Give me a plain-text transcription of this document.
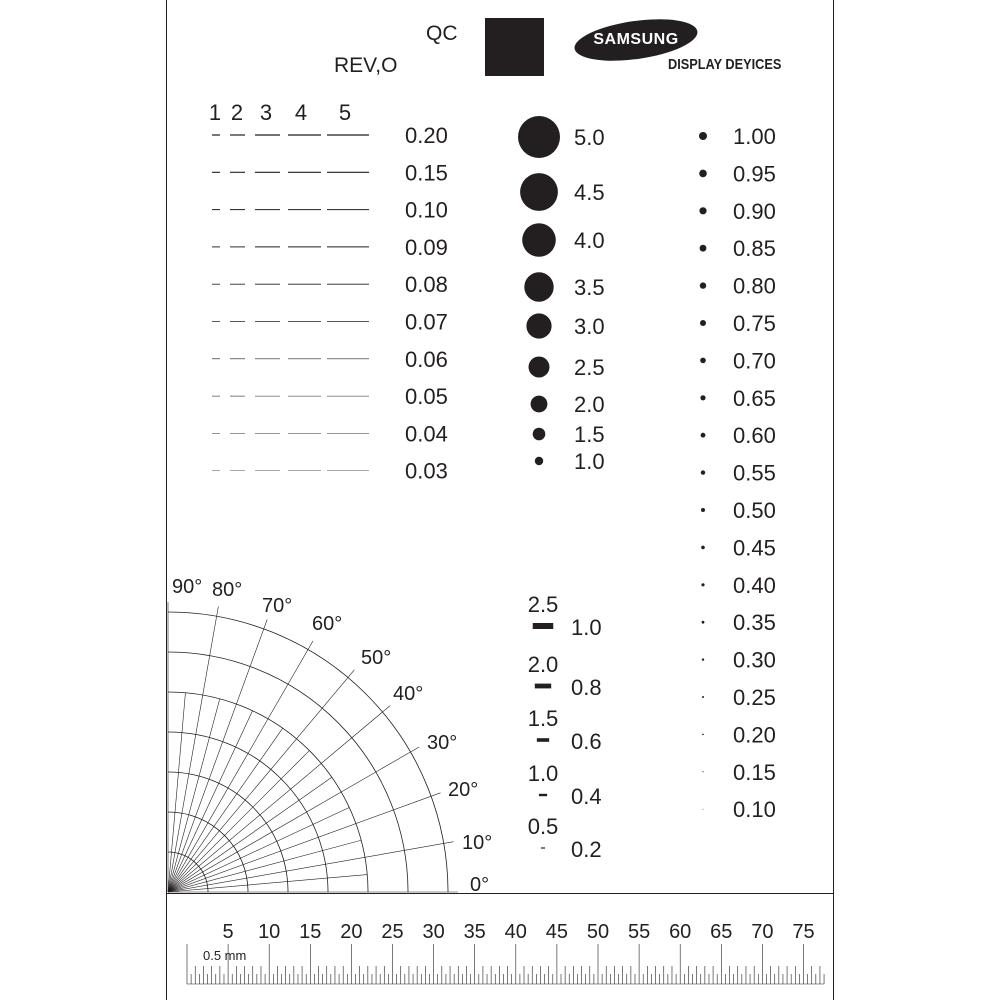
QC
REV,O
SAMSUNG
DISPLAY DEYICES
1 2 3 4 5
0.20
0.15
0.10
0.09
0.08
0.07
0.06
0.05
0.04
0.03
5.0
4.5
4.0
3.5
3.0
2.5
2.0
1.5
1.0
1.00
0.95
0.90
0.85
0.80
0.75
0.70
0.65
0.60
0.55
0.50
0.45
0.40
0.35
0.30
0.25
0.20
0.15
0.10
2.5
1.0
2.0
0.8
1.5
0.6
1.0
0.4
0.5
0.2
90° 80°
70°
60°
50°
40°
30°
20°
10°
0°
5 10 15 20 25 30 35 40 45 50 55 60 65 70 75
0.5 mm
